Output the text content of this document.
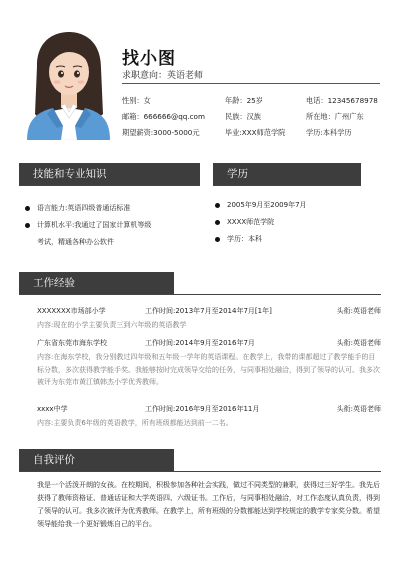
找小图
求职意向：英语老师
性别：女	年龄：25岁	电话：12345678978
邮箱：666666@qq.com	民族：汉族	所在地：广州广东
期望薪资:3000-5000元	毕业:XXX师范学院	学历:本科学历
技能和专业知识
语言能力:英语四级普通话标准
计算机水平:我通过了国家计算机等级
考试，精通各种办公软件
学历
2005年9月至2009年7月
XXXX师范学院
学历：本科
工作经验
XXXXXXX市场部小学	工作时间:2013年7月至2014年7月[1年]	头衔:英语老师
内容:现在的小学主要负责三到六年级的英语教学
广东省东莞市海东学校	工作时间:2014年9月至2016年7月	头衔:英语老师
内容:在海东学校，我分别教过四年级和五年级一学年的英语课程。在教学上，我带的课都超过了教学能手的目标分数，多次获得教学能手奖。我能够按时完成领导交给的任务，与同事相处融洽，得到了领导的认可。我多次被评为东莞市黄江镇韩杰小学优秀教师。
xxxx中学	工作时间:2016年9月至2016年11月	头衔:英语老师
内容:主要负责6年级的英语教学，所有班级都能达到前一二名。
自我评价
我是一个活泼开朗的女孩。在校期间，积极参加各种社会实践，做过不同类型的兼职，获得过三好学生。我先后获得了教师资格证、普通话证和大学英语四、六级证书。工作后，与同事相处融洽，对工作态度认真负责，得到了领导的认可。我多次被评为优秀教师。在教学上，所有班级的分数都能达到学校规定的教学专家奖分数。希望领导能给我一个更好锻炼自己的平台。
